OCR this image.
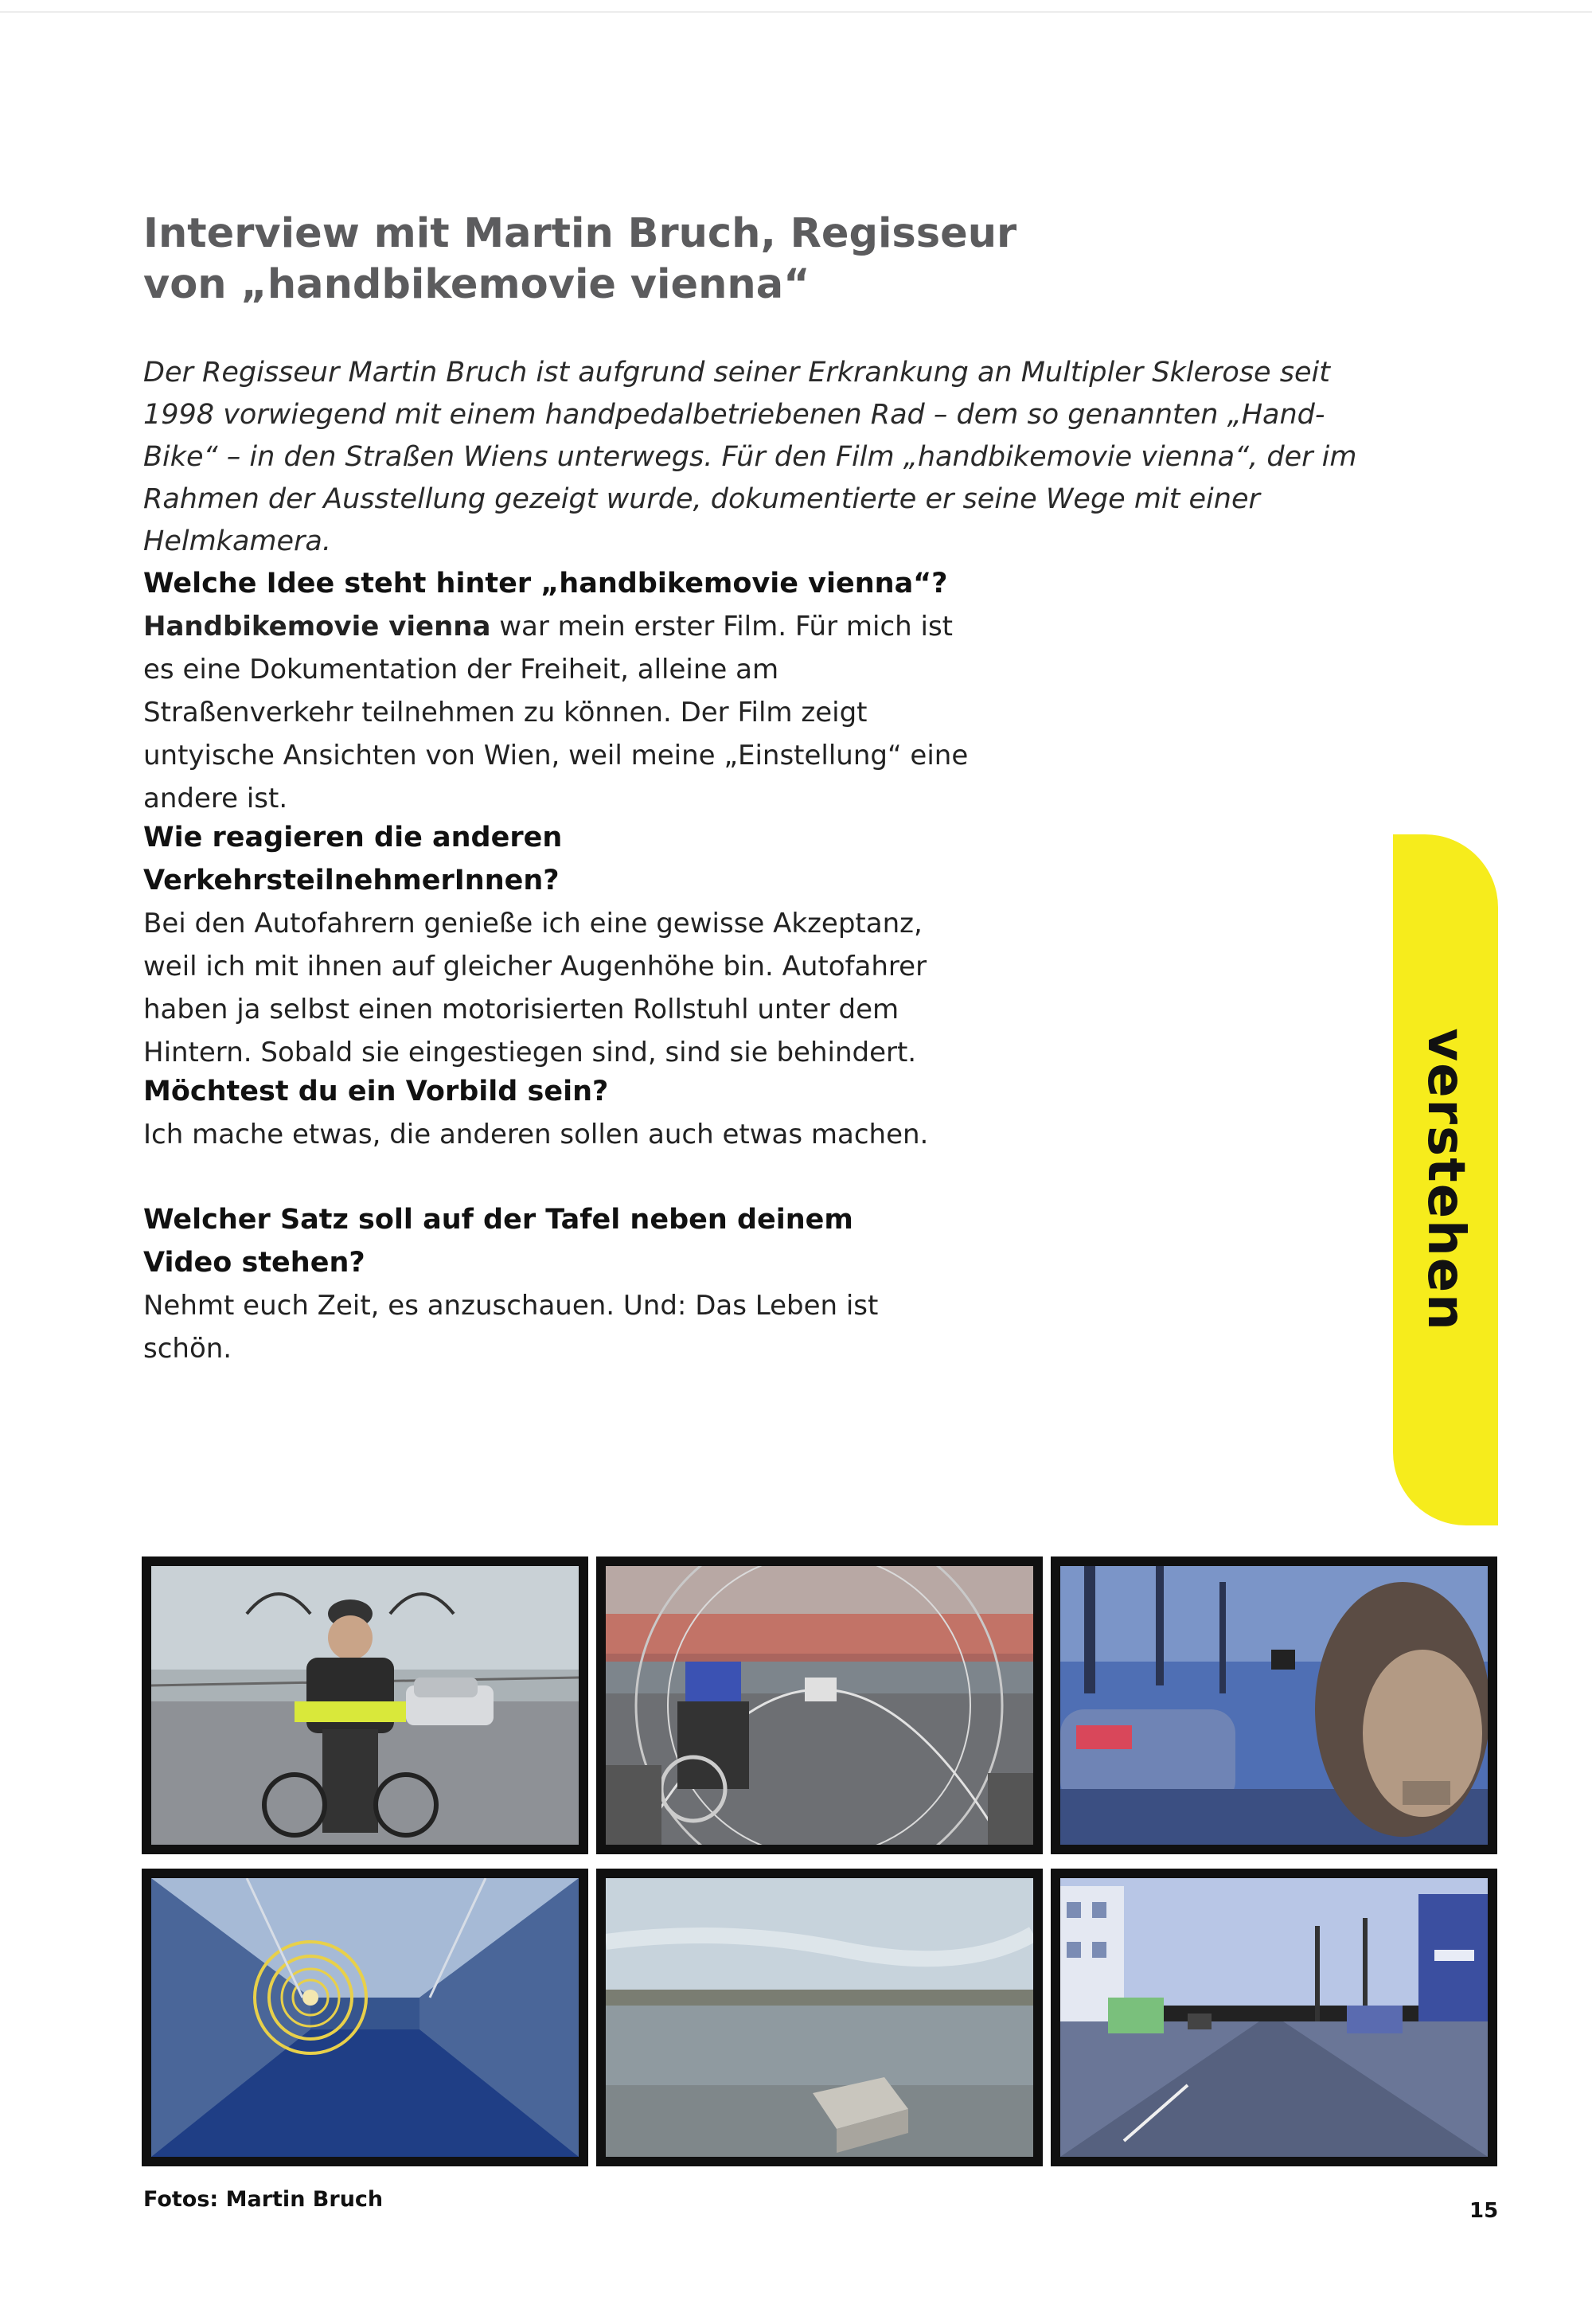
Interview mit Martin Bruch, Regisseur
von „handbikemovie vienna“

Der Regisseur Martin Bruch ist aufgrund seiner Erkrankung an Multipler Sklerose seit 1998 vorwiegend mit einem handpedalbetriebenen Rad – dem so genannten „Hand-Bike“ – in den Straßen Wiens unterwegs. Für den Film „handbikemovie vienna“, der im Rahmen der Ausstellung gezeigt wurde, dokumentierte er seine Wege mit einer Helmkamera.

Welche Idee steht hinter „handbikemovie vienna“?

Handbikemovie vienna war mein erster Film. Für mich ist es eine Dokumentation der Freiheit, alleine am Straßenverkehr teilnehmen zu können. Der Film zeigt untyische Ansichten von Wien, weil meine „Einstellung“ eine andere ist.

Wie reagieren die anderen VerkehrsteilnehmerInnen?

Bei den Autofahrern genieße ich eine gewisse Akzeptanz, weil ich mit ihnen auf gleicher Augenhöhe bin. Autofahrer haben ja selbst einen motorisierten Rollstuhl unter dem Hintern. Sobald sie eingestiegen sind, sind sie behindert.

Möchtest du ein Vorbild sein?

Ich mache etwas, die anderen sollen auch etwas machen.

Welcher Satz soll auf der Tafel neben deinem Video stehen?

Nehmt euch Zeit, es anzuschauen. Und: Das Leben ist schön.

verstehen
Fotos: Martin Bruch	15
